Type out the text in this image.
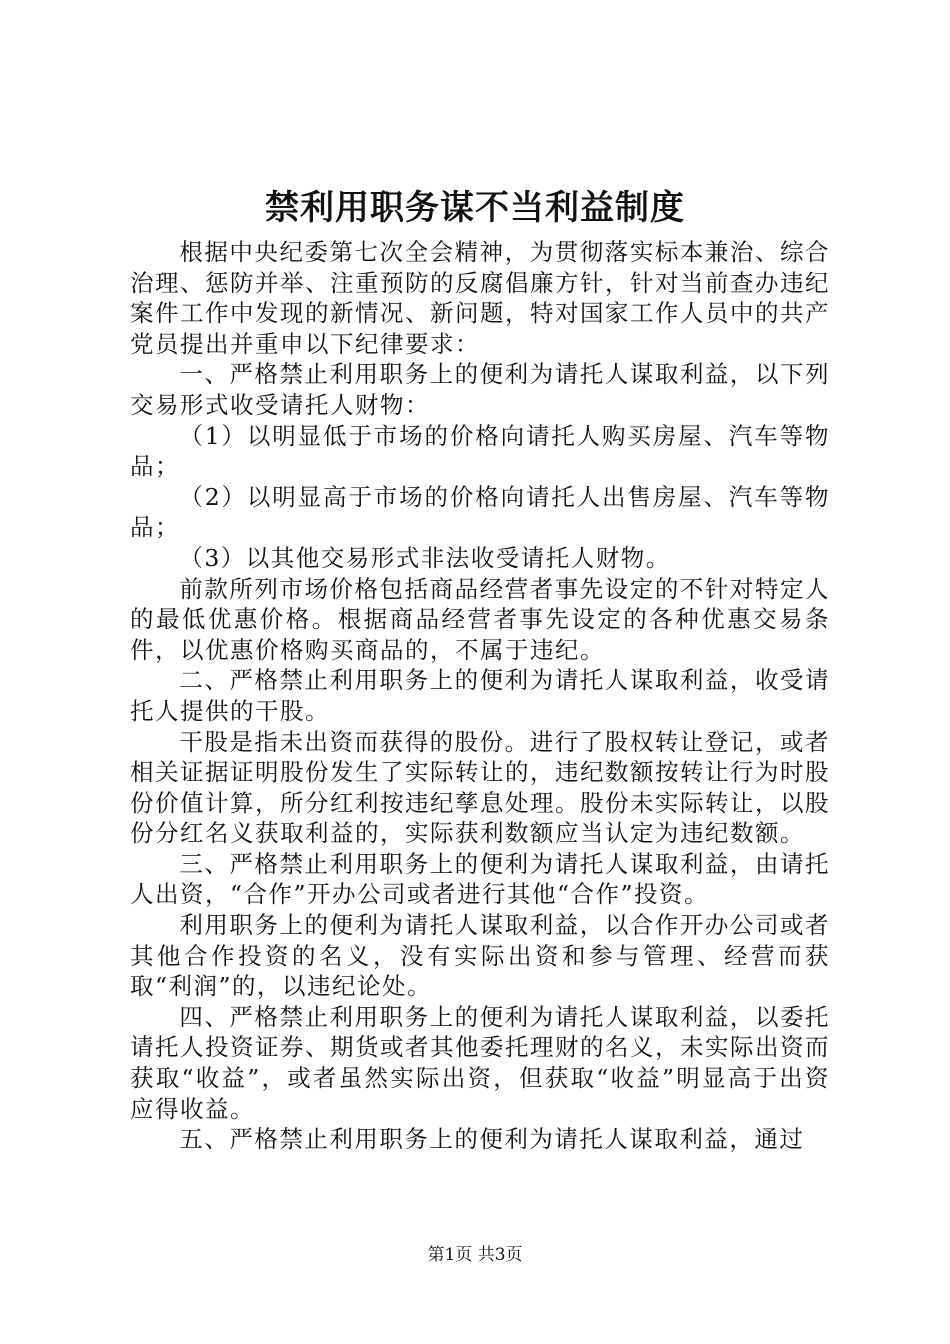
禁利用职务谋不当利益制度

根据中央纪委第七次全会精神，为贯彻落实标本兼治、综合治理、惩防并举、注重预防的反腐倡廉方针，针对当前查办违纪案件工作中发现的新情况、新问题，特对国家工作人员中的共产党员提出并重申以下纪律要求：

一、严格禁止利用职务上的便利为请托人谋取利益，以下列交易形式收受请托人财物：

（1）以明显低于市场的价格向请托人购买房屋、汽车等物品；

（2）以明显高于市场的价格向请托人出售房屋、汽车等物品；

（3）以其他交易形式非法收受请托人财物。

前款所列市场价格包括商品经营者事先设定的不针对特定人的最低优惠价格。根据商品经营者事先设定的各种优惠交易条件，以优惠价格购买商品的，不属于违纪。

二、严格禁止利用职务上的便利为请托人谋取利益，收受请托人提供的干股。

干股是指未出资而获得的股份。进行了股权转让登记，或者相关证据证明股份发生了实际转让的，违纪数额按转让行为时股份价值计算，所分红利按违纪孳息处理。股份未实际转让，以股份分红名义获取利益的，实际获利数额应当认定为违纪数额。

三、严格禁止利用职务上的便利为请托人谋取利益，由请托人出资，“合作”开办公司或者进行其他“合作”投资。

利用职务上的便利为请托人谋取利益，以合作开办公司或者其他合作投资的名义，没有实际出资和参与管理、经营而获取“利润”的，以违纪论处。

四、严格禁止利用职务上的便利为请托人谋取利益，以委托请托人投资证券、期货或者其他委托理财的名义，未实际出资而获取“收益”，或者虽然实际出资，但获取“收益”明显高于出资应得收益。

五、严格禁止利用职务上的便利为请托人谋取利益，通过

第1页 共3页
